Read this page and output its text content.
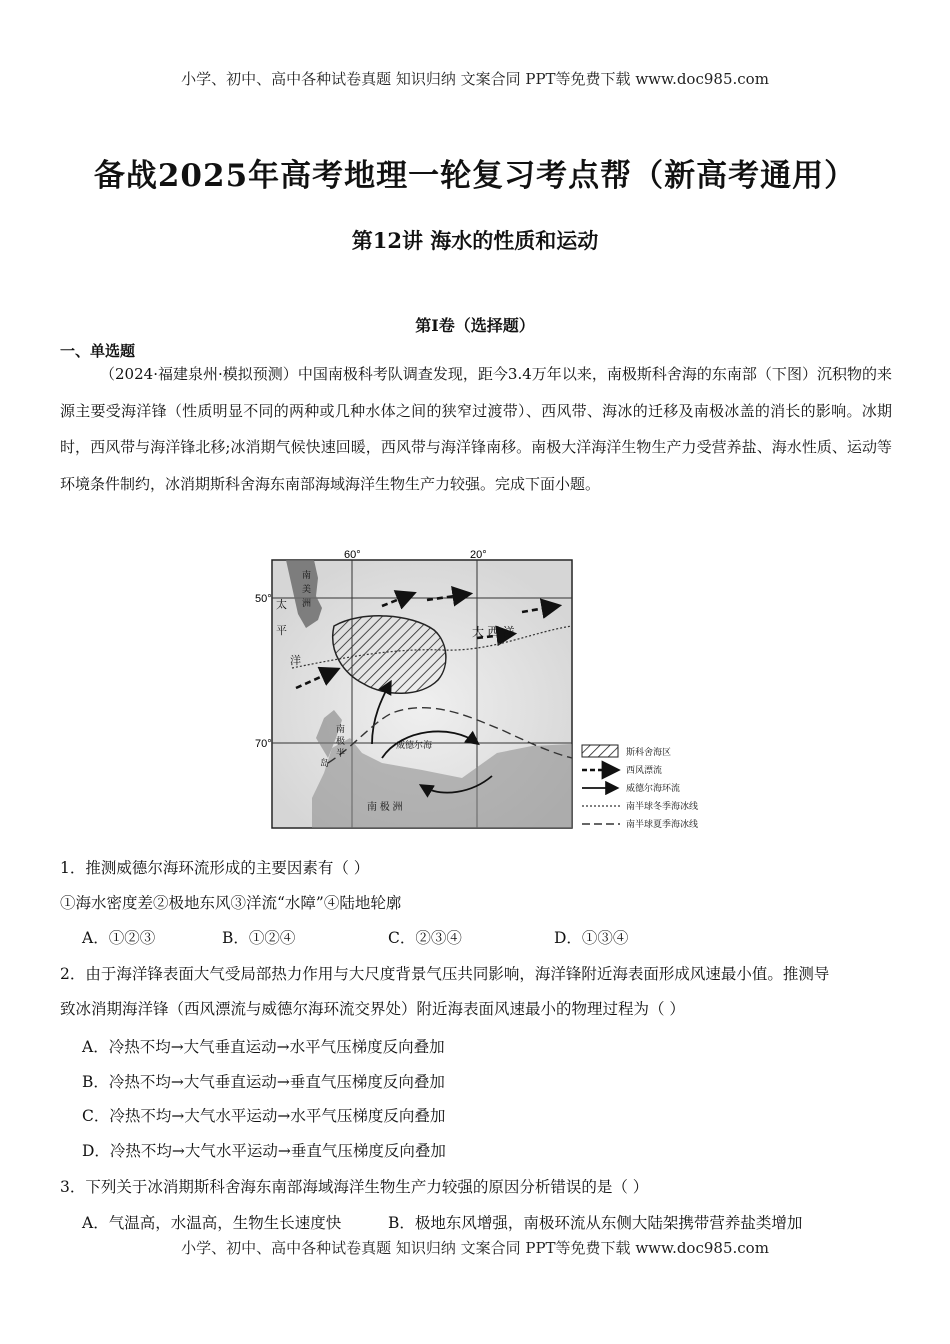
小学、初中、高中各种试卷真题 知识归纳 文案合同 PPT等免费下载 www.doc985.com
备战2025年高考地理一轮复习考点帮（新高考通用）
第12讲 海水的性质和运动
第I卷（选择题）
一、单选题
（2024·福建泉州·模拟预测）中国南极科考队调查发现，距今3.4万年以来，南极斯科舍海的东南部（下图）沉积物的来源主要受海洋锋（性质明显不同的两种或几种水体之间的狭窄过渡带）、西风带、海冰的迁移及南极冰盖的消长的影响。冰期时，西风带与海洋锋北移;冰消期气候快速回暖，西风带与海洋锋南移。南极大洋海洋生物生产力受营养盐、海水性质、运动等环境条件制约，冰消期斯科舍海东南部海域海洋生物生产力较强。完成下面小题。
60°	20°
50°
70°
太
平
洋
南
美
洲
大 西 洋
南
极
半
岛
威德尔海
南 极 洲
斯科舍海区
西风漂流
威德尔海环流
南半球冬季海冰线
南半球夏季海冰线
1．推测威德尔海环流形成的主要因素有（ ）
①海水密度差②极地东风③洋流“水障”④陆地轮廓
A．①②③	B．①②④	C．②③④	D．①③④
2．由于海洋锋表面大气受局部热力作用与大尺度背景气压共同影响，海洋锋附近海表面形成风速最小值。推测导
致冰消期海洋锋（西风漂流与威德尔海环流交界处）附近海表面风速最小的物理过程为（ ）
A．冷热不均→大气垂直运动→水平气压梯度反向叠加
B．冷热不均→大气垂直运动→垂直气压梯度反向叠加
C．冷热不均→大气水平运动→水平气压梯度反向叠加
D．冷热不均→大气水平运动→垂直气压梯度反向叠加
3．下列关于冰消期斯科舍海东南部海域海洋生物生产力较强的原因分析错误的是（ ）
A．气温高，水温高，生物生长速度快	B．极地东风增强，南极环流从东侧大陆架携带营养盐类增加
小学、初中、高中各种试卷真题 知识归纳 文案合同 PPT等免费下载 www.doc985.com
